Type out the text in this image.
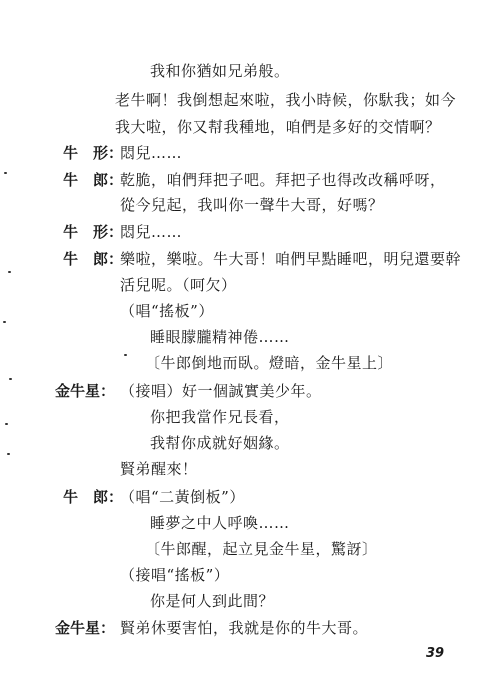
我和你猶如兄弟般。
老牛啊！我倒想起來啦，我小時候，你馱我；如今
我大啦，你又幇我種地，咱們是多好的交情啊？
牛　形：
悶兒……
牛　郎：
乾脆，咱們拜把子吧。拜把子也得改改稱呼呀，
從今兒起，我叫你一聲牛大哥，好嗎？
牛　形：
悶兒……
牛　郎：
樂啦，樂啦。牛大哥！咱們早點睡吧，明兒還要幹
活兒呢。（呵欠）
（唱“搖板”）
睡眼朦朧精神倦……
〔牛郎倒地而臥。燈暗，金牛星上〕
金牛星： （接唱）好一個誠實美少年。
你把我當作兄長看，
我幇你成就好姻緣。
賢弟醒來！
牛　郎：
（唱“二黃倒板”）
睡夢之中人呼喚……
〔牛郎醒，起立見金牛星，驚訝〕
（接唱“搖板”）
你是何人到此間？
金牛星： 賢弟休要害怕，我就是你的牛大哥。
39
